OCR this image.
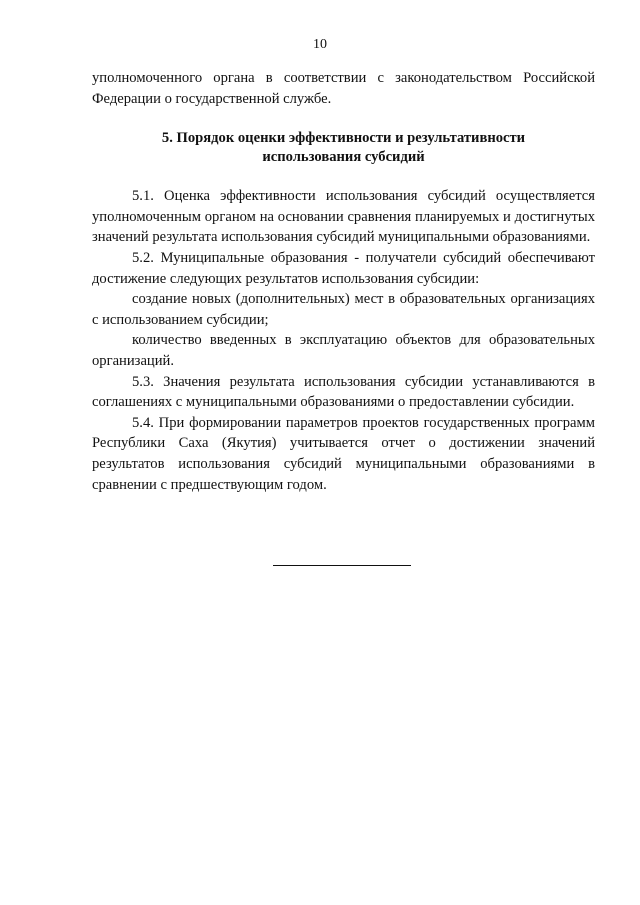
10

уполномоченного органа в соответствии с законодательством Российской Федерации о государственной службе.

5. Порядок оценки эффективности и результативности
использования субсидий

5.1. Оценка эффективности использования субсидий осуществляется уполномоченным органом на основании сравнения планируемых и достигнутых значений результата использования субсидий муниципальными образованиями.

5.2. Муниципальные образования - получатели субсидий обеспечивают достижение следующих результатов использования субсидии:

создание новых (дополнительных) мест в образовательных организациях с использованием субсидии;

количество введенных в эксплуатацию объектов для образовательных организаций.

5.3. Значения результата использования субсидии устанавливаются в соглашениях с муниципальными образованиями о предоставлении субсидии.

5.4. При формировании параметров проектов государственных программ Республики Саха (Якутия) учитывается отчет о достижении значений результатов использования субсидий муниципальными образованиями в сравнении с предшествующим годом.
